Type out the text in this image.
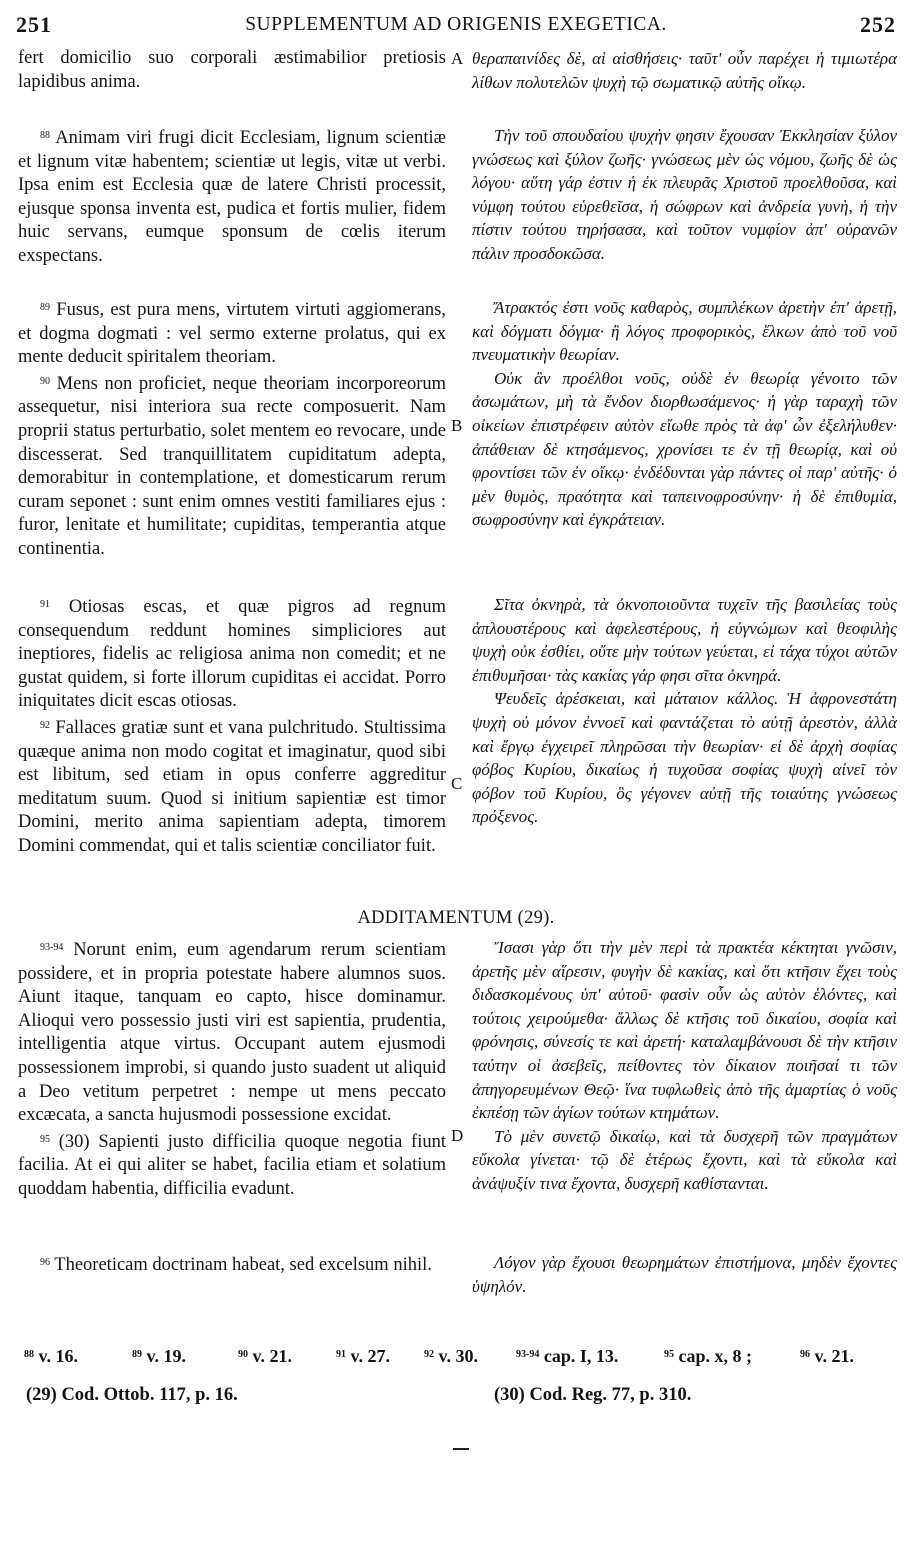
251	SUPPLEMENTUM AD ORIGENIS EXEGETICA.	252

fert domicilio suo corporali æstimabilior pretiosis lapidibus anima.

θεραπαινίδες δὲ, αἱ αἰσθήσεις· ταῦτ' οὖν παρέχει ἡ τιμιωτέρα λίθων πολυτελῶν ψυχὴ τῷ σωματικῷ αὐτῆς οἴκῳ.

A

$^{88}$ Animam viri frugi dicit Ecclesiam, lignum scientiæ et lignum vitæ habentem; scientiæ ut legis, vitæ ut verbi. Ipsa enim est Ecclesia quæ de latere Christi processit, ejusque sponsa inventa est, pudica et fortis mulier, fidem huic servans, eumque sponsum de cœlis iterum exspectans.

Τὴν τοῦ σπουδαίου ψυχὴν φησιν ἔχουσαν Ἐκκλησίαν ξύλον γνώσεως καὶ ξύλον ζωῆς· γνώσεως μὲν ὡς νόμου, ζωῆς δὲ ὡς λόγου· αὕτη γάρ ἐστιν ἡ ἐκ πλευρᾶς Χριστοῦ προελθοῦσα, καὶ νύμφη τούτου εὑρεθεῖσα, ἡ σώφρων καὶ ἀνδρεία γυνὴ, ἡ τὴν πίστιν τούτου τηρήσασα, καὶ τοῦτον νυμφίον ἀπ' οὐρανῶν πάλιν προσδοκῶσα.

$^{89}$ Fusus, est pura mens, virtutem virtuti aggiomerans, et dogma dogmati : vel sermo externe prolatus, qui ex mente deducit spiritalem theoriam.

$^{90}$ Mens non proficiet, neque theoriam incorporeorum assequetur, nisi interiora sua recte composuerit. Nam proprii status perturbatio, solet mentem eo revocare, unde discesserat. Sed tranquillitatem cupiditatum adepta, demorabitur in contemplatione, et domesticarum rerum curam seponet : sunt enim omnes vestiti familiares ejus : furor, lenitate et humilitate; cupiditas, temperantia atque continentia.

Ἄτρακτός ἐστι νοῦς καθαρὸς, συμπλέκων ἀρετὴν ἐπ' ἀρετῇ, καὶ δόγματι δόγμα· ἢ λόγος προφορικὸς, ἕλκων ἀπὸ τοῦ νοῦ πνευματικὴν θεωρίαν.

Οὐκ ἂν προέλθοι νοῦς, οὐδὲ ἐν θεωρίᾳ γένοιτο τῶν ἀσωμάτων, μὴ τὰ ἔνδον διορθωσάμενος· ἡ γὰρ ταραχὴ τῶν οἰκείων ἐπιστρέφειν αὐτὸν εἴωθε πρὸς τὰ ἀφ' ὧν ἐξελήλυθεν· ἀπάθειαν δὲ κτησάμενος, χρονίσει τε ἐν τῇ θεωρίᾳ, καὶ οὐ φροντίσει τῶν ἐν οἴκῳ· ἐνδέδυνται γὰρ πάντες οἱ παρ' αὐτῆς· ὁ μὲν θυμὸς, πραότητα καὶ ταπεινοφροσύνην· ἡ δὲ ἐπιθυμία, σωφροσύνην καὶ ἐγκράτειαν.

B

$^{91}$ Otiosas escas, et quæ pigros ad regnum consequendum reddunt homines simpliciores aut ineptiores, fidelis ac religiosa anima non comedit; et ne gustat quidem, si forte illorum cupiditas ei accidat. Porro iniquitates dicit escas otiosas.

$^{92}$ Fallaces gratiæ sunt et vana pulchritudo. Stultissima quæque anima non modo cogitat et imaginatur, quod sibi est libitum, sed etiam in opus conferre aggreditur meditatum suum. Quod si initium sapientiæ est timor Domini, merito anima sapientiam adepta, timorem Domini commendat, qui et talis scientiæ conciliator fuit.

Σῖτα ὀκνηρὰ, τὰ ὀκνοποιοῦντα τυχεῖν τῆς βασιλείας τοὺς ἁπλουστέρους καὶ ἀφελεστέρους, ἡ εὐγνώμων καὶ θεοφιλὴς ψυχὴ οὐκ ἐσθίει, οὔτε μὴν τούτων γεύεται, εἰ τάχα τύχοι αὐτῶν ἐπιθυμῆσαι· τὰς κακίας γάρ φησι σῖτα ὀκνηρά.

Ψευδεῖς ἀρέσκειαι, καὶ μάταιον κάλλος. Ἡ ἀφρονεστάτη ψυχὴ οὐ μόνον ἐννοεῖ καὶ φαντάζεται τὸ αὐτῇ ἀρεστὸν, ἀλλὰ καὶ ἔργῳ ἐγχειρεῖ πληρῶσαι τὴν θεωρίαν· εἰ δὲ ἀρχὴ σοφίας φόβος Κυρίου, δικαίως ἡ τυχοῦσα σοφίας ψυχὴ αἰνεῖ τὸν φόβον τοῦ Κυρίου, ὃς γέγονεν αὐτῇ τῆς τοιαύτης γνώσεως πρόξενος.

C
ADDITAMENTUM (29).

$^{93-94}$ Norunt enim, eum agendarum rerum scientiam possidere, et in propria potestate habere alumnos suos. Aiunt itaque, tanquam eo capto, hisce dominamur. Alioqui vero possessio justi viri est sapientia, prudentia, intelligentia atque virtus. Occupant autem ejusmodi possessionem improbi, si quando justo suadent ut aliquid a Deo vetitum perpetret : nempe ut mens peccato excæcata, a sancta hujusmodi possessione excidat.

$^{95}$ (30) Sapienti justo difficilia quoque negotia fiunt facilia. At ei qui aliter se habet, facilia etiam et solatium quoddam habentia, difficilia evadunt.

Ἴσασι γὰρ ὅτι τὴν μὲν περὶ τὰ πρακτέα κέκτηται γνῶσιν, ἀρετῆς μὲν αἵρεσιν, φυγὴν δὲ κακίας, καὶ ὅτι κτῆσιν ἔχει τοὺς διδασκομένους ὑπ' αὐτοῦ· φασὶν οὖν ὡς αὐτὸν ἑλόντες, καὶ τούτοις χειρούμεθα· ἄλλως δὲ κτῆσις τοῦ δικαίου, σοφία καὶ φρόνησις, σύνεσίς τε καὶ ἀρετή· καταλαμβάνουσι δὲ τὴν κτῆσιν ταύτην οἱ ἀσεβεῖς, πείθοντες τὸν δίκαιον ποιῆσαί τι τῶν ἀπηγορευμένων Θεῷ· ἵνα τυφλωθεὶς ἀπὸ τῆς ἁμαρτίας ὁ νοῦς ἐκπέσῃ τῶν ἁγίων τούτων κτημάτων.

Τὸ μὲν συνετῷ δικαίῳ, καὶ τὰ δυσχερῆ τῶν πραγμάτων εὔκολα γίνεται· τῷ δὲ ἑτέρως ἔχοντι, καὶ τὰ εὔκολα καὶ ἀνάψυξίν τινα ἔχοντα, δυσχερῆ καθίστανται.

D

$^{96}$ Theoreticam doctrinam habeat, sed excelsum nihil.	Λόγον γὰρ ἔχουσι θεωρημάτων ἐπιστήμονα, μηδὲν ἔχοντες ὑψηλόν.

$^{88}$ v. 16.	$^{89}$ v. 19.	$^{90}$ v. 21.	$^{91}$ v. 27.	$^{92}$ v. 30.	$^{93-94}$ cap. I, 13.	$^{95}$ cap. x, 8 ;	$^{96}$ v. 21.
(29) Cod. Ottob. 117, p. 16.	(30) Cod. Reg. 77, p. 310.
